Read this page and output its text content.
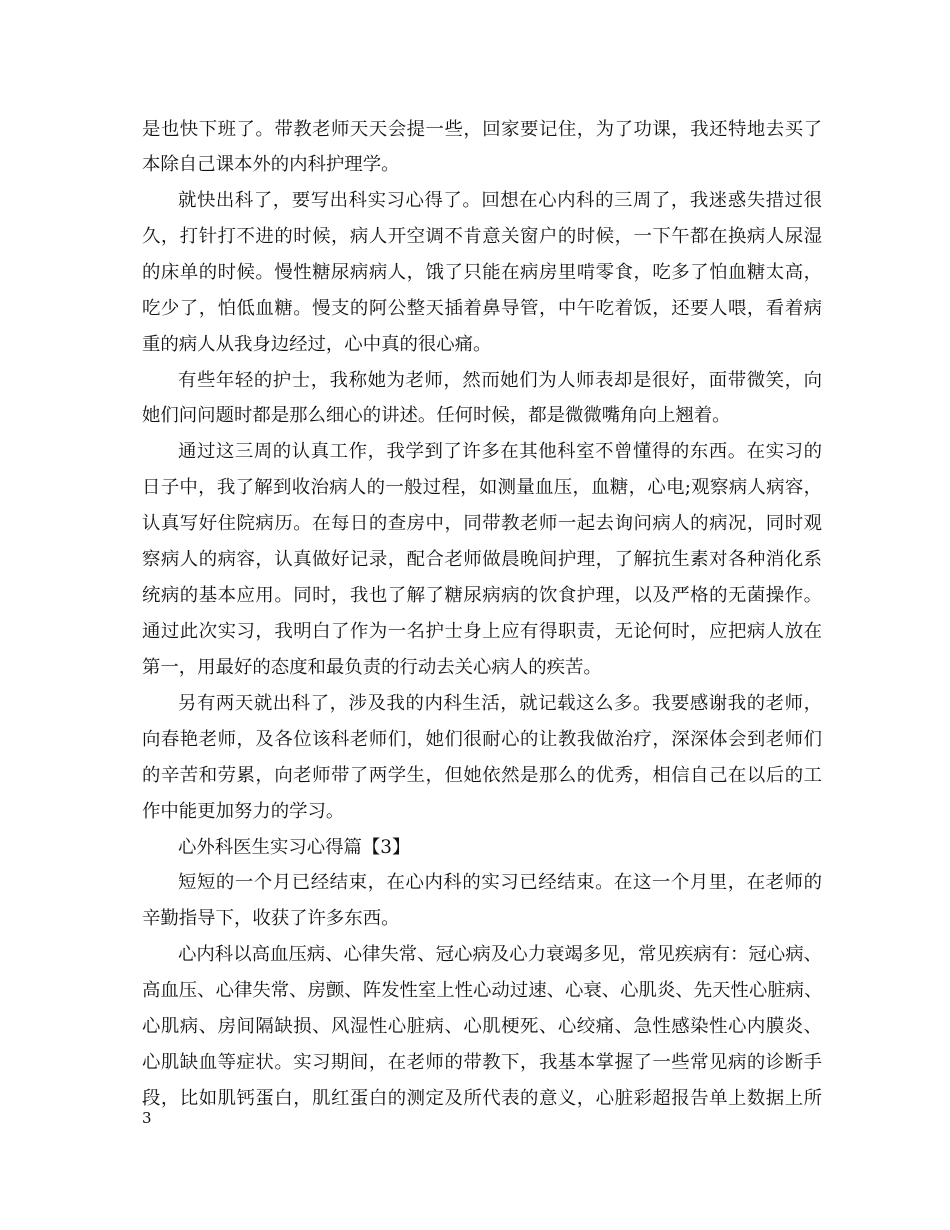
是也快下班了。带教老师天天会提一些，回家要记住，为了功课，我还特地去买了
本除自己课本外的内科护理学。
就快出科了，要写出科实习心得了。回想在心内科的三周了，我迷惑失措过很
久，打针打不进的时候，病人开空调不肯意关窗户的时候，一下午都在换病人尿湿
的床单的时候。慢性糖尿病病人，饿了只能在病房里啃零食，吃多了怕血糖太高，
吃少了，怕低血糖。慢支的阿公整天插着鼻导管，中午吃着饭，还要人喂，看着病
重的病人从我身边经过，心中真的很心痛。
有些年轻的护士，我称她为老师，然而她们为人师表却是很好，面带微笑，向
她们问问题时都是那么细心的讲述。任何时候，都是微微嘴角向上翘着。
通过这三周的认真工作，我学到了许多在其他科室不曾懂得的东西。在实习的
日子中，我了解到收治病人的一般过程，如测量血压，血糖，心电;观察病人病容，
认真写好住院病历。在每日的查房中，同带教老师一起去询问病人的病况，同时观
察病人的病容，认真做好记录，配合老师做晨晚间护理，了解抗生素对各种消化系
统病的基本应用。同时，我也了解了糖尿病病的饮食护理，以及严格的无菌操作。
通过此次实习，我明白了作为一名护士身上应有得职责，无论何时，应把病人放在
第一，用最好的态度和最负责的行动去关心病人的疾苦。
另有两天就出科了，涉及我的内科生活，就记载这么多。我要感谢我的老师，
向春艳老师，及各位该科老师们，她们很耐心的让教我做治疗，深深体会到老师们
的辛苦和劳累，向老师带了两学生，但她依然是那么的优秀，相信自己在以后的工
作中能更加努力的学习。
心外科医生实习心得篇【3】
短短的一个月已经结束，在心内科的实习已经结束。在这一个月里，在老师的
辛勤指导下，收获了许多东西。
心内科以高血压病、心律失常、冠心病及心力衰竭多见，常见疾病有：冠心病、
高血压、心律失常、房颤、阵发性室上性心动过速、心衰、心肌炎、先天性心脏病、
心肌病、房间隔缺损、风湿性心脏病、心肌梗死、心绞痛、急性感染性心内膜炎、
心肌缺血等症状。实习期间，在老师的带教下，我基本掌握了一些常见病的诊断手
段，比如肌钙蛋白，肌红蛋白的测定及所代表的意义，心脏彩超报告单上数据上所
3
